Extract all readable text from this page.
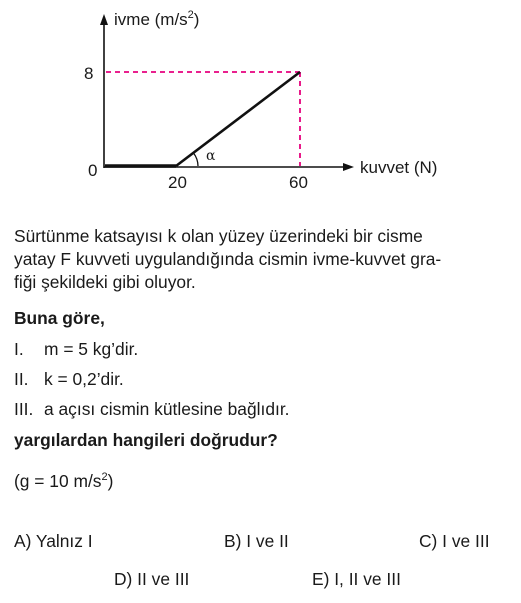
ivme $(m/s^2)$
kuvvet (N)
8
0
20	60
α
Sürtünme katsayısı k olan yüzey üzerindeki bir cisme
yatay F kuvveti uygulandığında cismin ivme-kuvvet gra-
fiği şekildeki gibi oluyor.
Buna göre,
I. m = 5 kg’dir.
II. k = 0,2’dir.
III. a açısı cismin kütlesine bağlıdır.
yargılardan hangileri doğrudur?
(g = 10 $m/s^2$)
A) Yalnız I	B) I ve II	C) I ve III
D) II ve III	E) I, II ve III
